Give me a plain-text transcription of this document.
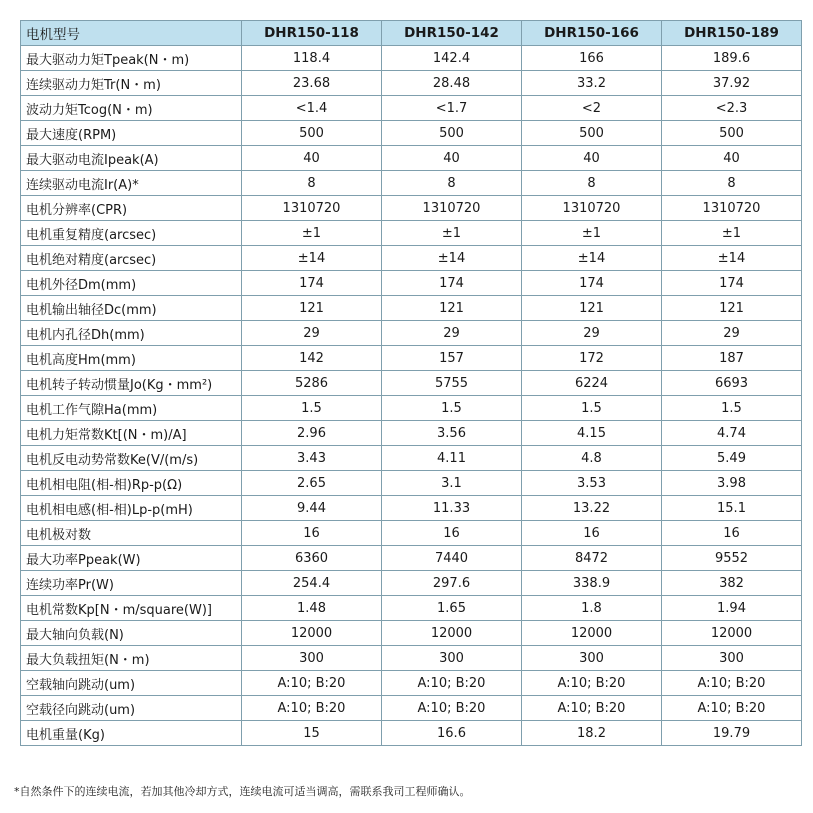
电机型号	DHR150-118	DHR150-142	DHR150-166	DHR150-189
最大驱动力矩Tpeak(N・m)	118.4	142.4	166	189.6
连续驱动力矩Tr(N・m)	23.68	28.48	33.2	37.92
波动力矩Tcog(N・m)	<1.4	<1.7	<2	<2.3
最大速度(RPM)	500	500	500	500
最大驱动电流Ipeak(A)	40	40	40	40
连续驱动电流Ir(A)*	8	8	8	8
电机分辨率(CPR)	1310720	1310720	1310720	1310720
电机重复精度(arcsec)	±1	±1	±1	±1
电机绝对精度(arcsec)	±14	±14	±14	±14
电机外径Dm(mm)	174	174	174	174
电机输出轴径Dc(mm)	121	121	121	121
电机内孔径Dh(mm)	29	29	29	29
电机高度Hm(mm)	142	157	172	187
电机转子转动惯量Jo(Kg・mm²)	5286	5755	6224	6693
电机工作气隙Ha(mm)	1.5	1.5	1.5	1.5
电机力矩常数Kt[(N・m)/A]	2.96	3.56	4.15	4.74
电机反电动势常数Ke(V/(m/s)	3.43	4.11	4.8	5.49
电机相电阻(相-相)Rp-p(Ω)	2.65	3.1	3.53	3.98
电机相电感(相-相)Lp-p(mH)	9.44	11.33	13.22	15.1
电机极对数	16	16	16	16
最大功率Ppeak(W)	6360	7440	8472	9552
连续功率Pr(W)	254.4	297.6	338.9	382
电机常数Kp[N・m/square(W)]	1.48	1.65	1.8	1.94
最大轴向负载(N)	12000	12000	12000	12000
最大负载扭矩(N・m)	300	300	300	300
空载轴向跳动(um)	A:10; B:20	A:10; B:20	A:10; B:20	A:10; B:20
空载径向跳动(um)	A:10; B:20	A:10; B:20	A:10; B:20	A:10; B:20
电机重量(Kg)	15	16.6	18.2	19.79
*自然条件下的连续电流，若加其他冷却方式，连续电流可适当调高，需联系我司工程师确认。
